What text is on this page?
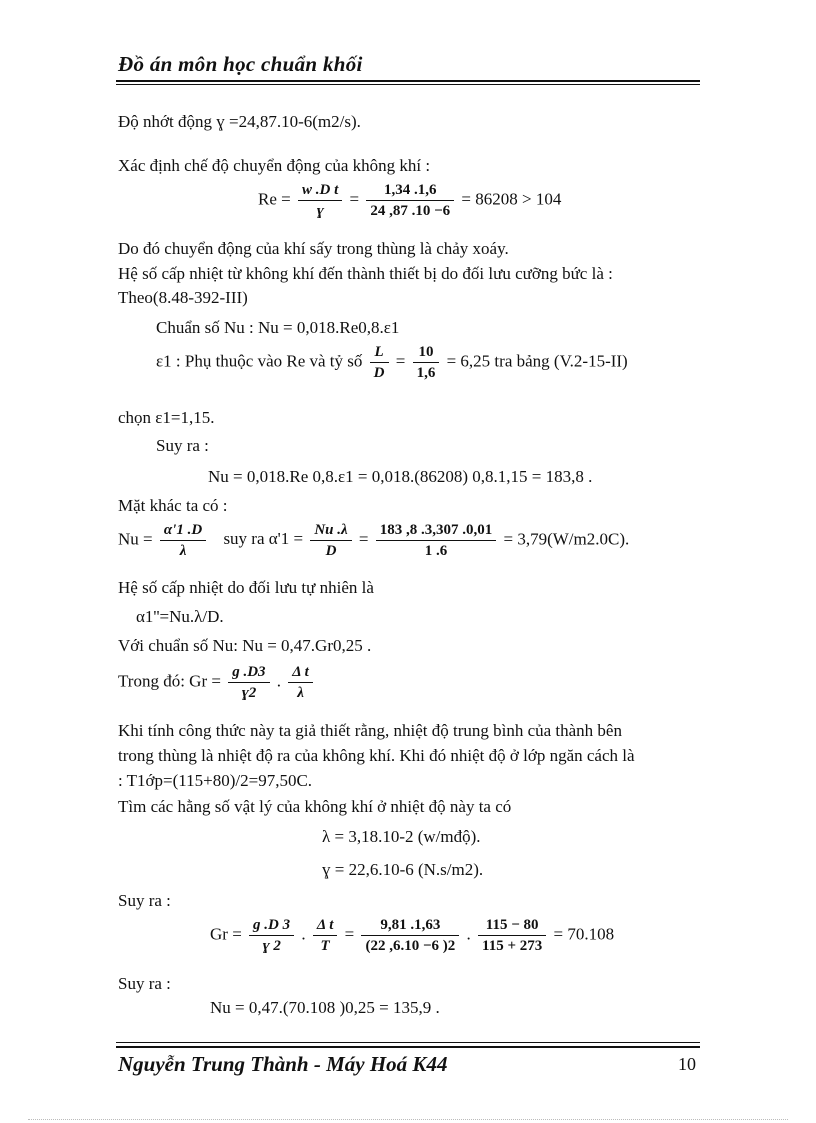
Đồ án môn học chuẩn khối
Độ nhớt động ɣ =24,87.10-6(m2/s).
Xác định chế độ chuyển động của không khí :
$Re = \frac{\text{w .D t}}{\text{ɣ}} = \frac{1,34 .1,6}{24 ,87 .10 -6} = 86208 > 104$
Do đó chuyển động của khí sấy trong thùng là chảy xoáy.
Hệ số cấp nhiệt từ không khí đến thành thiết bị do đối lưu cưỡng bức là :
Theo(8.48-392-III)
Chuẩn số Nu : Nu = 0,018.Re0,8.ε1
ε1 : Phụ thuộc vào Re và tỷ số $\frac{L}{D} = \frac{10}{1,6} = 6,25$ tra bảng (V.2-15-II)
chọn ε1=1,15.
Suy ra :
Nu = 0,018.Re 0,8.ε1 = 0,018.(86208) 0,8.1,15 = 183,8 .
Mặt khác ta có :
$Nu = \frac{\alpha'1 .D}{\lambda}$ suy ra $\alpha'1 = \frac{Nu .\lambda}{D} = \frac{183 ,8 .3,307 .0,01}{1 .6} = 3,79(W/m2.0C)$.
Hệ số cấp nhiệt do đối lưu tự nhiên là
α1''=Nu.λ/D.
Với chuẩn số Nu: Nu = 0,47.Gr0,25 .
Trong đó: $Gr = \frac{g .D3}{\text{ɣ2}}$ . $\frac{\text{Δ t}}{\lambda}$
Khi tính công thức này ta giả thiết rằng, nhiệt độ trung bình của thành bên
trong thùng là nhiệt độ ra của không khí. Khi đó nhiệt độ ở lớp ngăn cách là
: T1ớp=(115+80)/2=97,50C.
Tìm các hằng số vật lý của không khí ở nhiệt độ này ta có
λ = 3,18.10-2 (w/mđộ).
ɣ = 22,6.10-6 (N.s/m2).
Suy ra :
$Gr = \frac{g .D 3}{\text{ɣ 2}}$ . $\frac{\text{Δ t}}{T} = \frac{9,81 .1,63}{(22 ,6.10 -6 )2}$ . $\frac{115 - 80}{115 + 273} = 70.108$
Suy ra :
Nu = 0,47.(70.108 )0,25 = 135,9 .
Nguyễn Trung Thành - Máy Hoá K44	10
